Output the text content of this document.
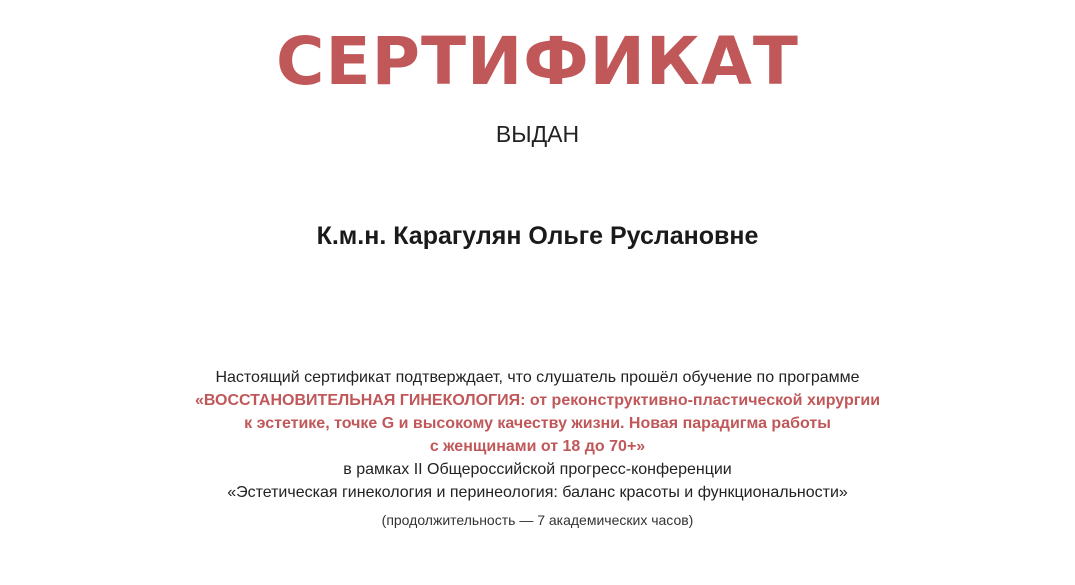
СЕРТИФИКАТ
ВЫДАН
К.м.н. Карагулян Ольге Руслановне
Настоящий сертификат подтверждает, что слушатель прошёл обучение по программе
«ВОССТАНОВИТЕЛЬНАЯ ГИНЕКОЛОГИЯ: от реконструктивно-пластической хирургии
к эстетике, точке G и высокому качеству жизни. Новая парадигма работы
с женщинами от 18 до 70+»
в рамках II Общероссийской прогресс-конференции
«Эстетическая гинекология и перинеология: баланс красоты и функциональности»
(продолжительность — 7 академических часов)
